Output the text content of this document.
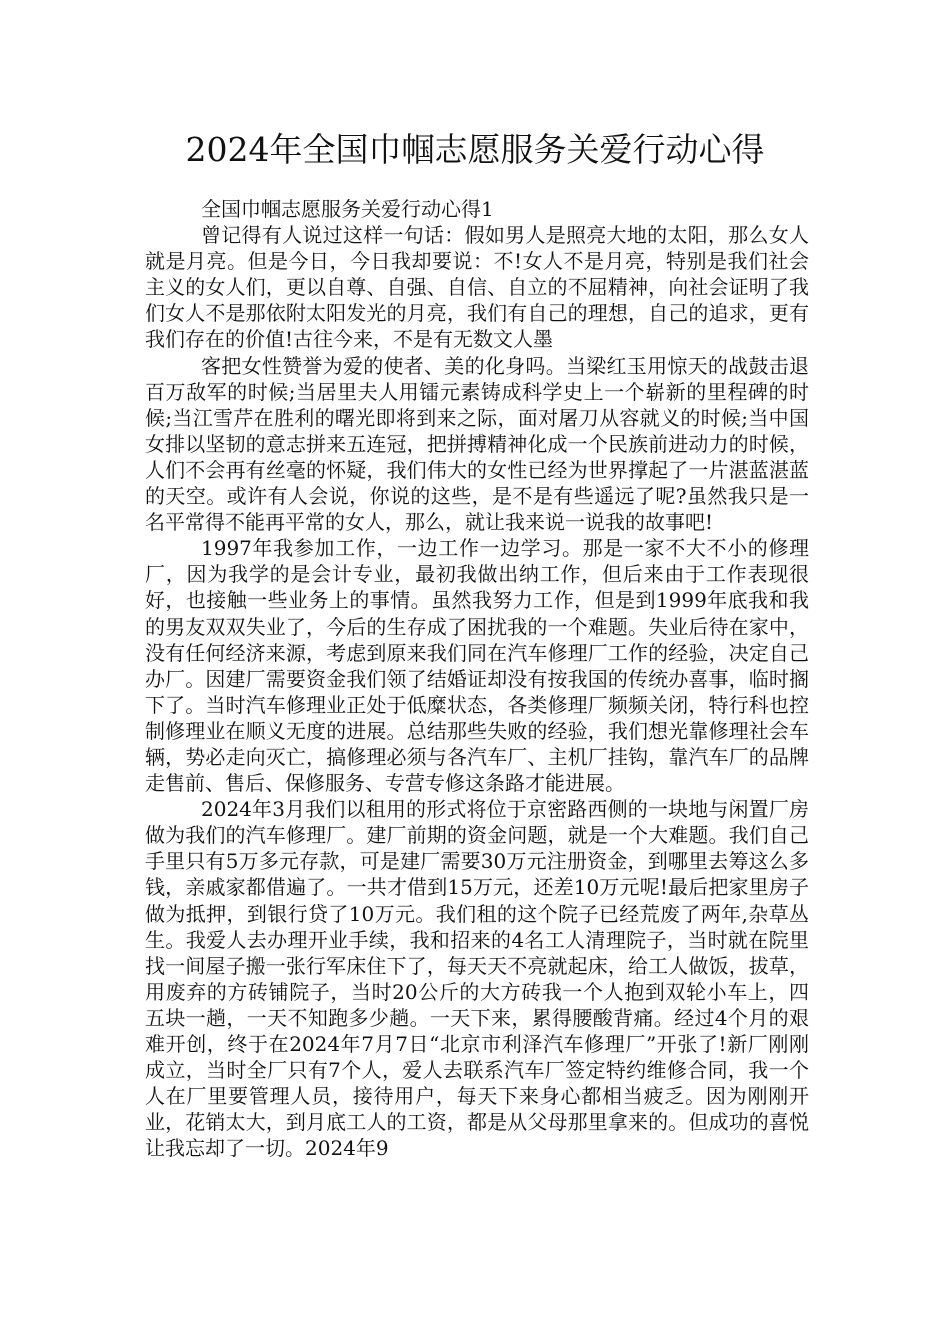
2024年全国巾帼志愿服务关爱行动心得

全国巾帼志愿服务关爱行动心得1

曾记得有人说过这样一句话：假如男人是照亮大地的太阳，那么女人就是月亮。但是今日，今日我却要说：不!女人不是月亮，特别是我们社会主义的女人们，更以自尊、自强、自信、自立的不屈精神，向社会证明了我们女人不是那依附太阳发光的月亮，我们有自己的理想，自己的追求，更有我们存在的价值!古往今来，不是有无数文人墨

客把女性赞誉为爱的使者、美的化身吗。当梁红玉用惊天的战鼓击退百万敌军的时候;当居里夫人用镭元素铸成科学史上一个崭新的里程碑的时候;当江雪芹在胜利的曙光即将到来之际，面对屠刀从容就义的时候;当中国女排以坚韧的意志拼来五连冠，把拼搏精神化成一个民族前进动力的时候，人们不会再有丝毫的怀疑，我们伟大的女性已经为世界撑起了一片湛蓝湛蓝的天空。或许有人会说，你说的这些，是不是有些遥远了呢?虽然我只是一名平常得不能再平常的女人，那么，就让我来说一说我的故事吧!

1997年我参加工作，一边工作一边学习。那是一家不大不小的修理厂，因为我学的是会计专业，最初我做出纳工作，但后来由于工作表现很好，也接触一些业务上的事情。虽然我努力工作，但是到1999年底我和我的男友双双失业了，今后的生存成了困扰我的一个难题。失业后待在家中，没有任何经济来源，考虑到原来我们同在汽车修理厂工作的经验，决定自己办厂。因建厂需要资金我们领了结婚证却没有按我国的传统办喜事，临时搁下了。当时汽车修理业正处于低糜状态，各类修理厂频频关闭，特行科也控制修理业在顺义无度的进展。总结那些失败的经验，我们想光靠修理社会车辆，势必走向灭亡，搞修理必须与各汽车厂、主机厂挂钩，靠汽车厂的品牌走售前、售后、保修服务、专营专修这条路才能进展。

2024年3月我们以租用的形式将位于京密路西侧的一块地与闲置厂房做为我们的汽车修理厂。建厂前期的资金问题，就是一个大难题。我们自己手里只有5万多元存款，可是建厂需要30万元注册资金，到哪里去筹这么多钱，亲戚家都借遍了。一共才借到15万元，还差10万元呢!最后把家里房子做为抵押，到银行贷了10万元。我们租的这个院子已经荒废了两年,杂草丛生。我爱人去办理开业手续，我和招来的4名工人清理院子，当时就在院里找一间屋子搬一张行军床住下了，每天天不亮就起床，给工人做饭，拔草，用废弃的方砖铺院子，当时20公斤的大方砖我一个人抱到双轮小车上，四五块一趟，一天不知跑多少趟。一天下来，累得腰酸背痛。经过4个月的艰难开创，终于在2024年7月7日“北京市利泽汽车修理厂”开张了!新厂刚刚成立，当时全厂只有7个人，爱人去联系汽车厂签定特约维修合同，我一个人在厂里要管理人员，接待用户，每天下来身心都相当疲乏。因为刚刚开业，花销太大，到月底工人的工资，都是从父母那里拿来的。但成功的喜悦让我忘却了一切。2024年9
